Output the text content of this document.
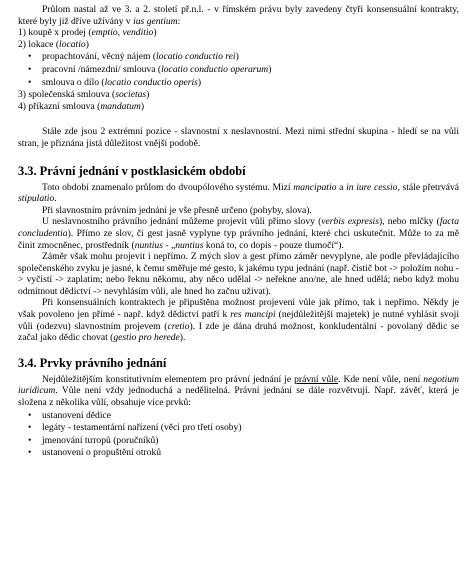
Průlom nastal až ve 3. a 2. století př.n.l. - v římském právu byly zavedeny čtyři konsensuální kontrakty, které byly již dříve užívány v ius gentium:

1) koupě x prodej (emptio, venditio)
2) lokace (locatio)
• propachtování, věcný nájem (locatio conductio rei)
• pracovní /námezdní/ smlouva (locatio conductio operarum)
• smlouva o dílo (locatio conductio operis)
3) společenská smlouva (societas)
4) příkazní smlouva (mandatum)

Stále zde jsou 2 extrémní pozice - slavnostní x neslavnostní. Mezi nimi střední skupina - hledí se na vůli stran, je přiznána jistá důležitost vnější podobě.

3.3. Právní jednání v postklasickém období

Toto období znamenalo průlom do dvoupólového systému. Mizí mancipatio a in iure cessio, stále přetrvává stipulatio.

Při slavnostním právním jednání je vše přesně určeno (pohyby, slova).

U neslavnostního právního jednání můžeme projevit vůli přímo slovy (verbis expresis), nebo mlčky (facta concludentia). Přímo ze slov, či gest jasně vyplyne typ právního jednání, které chci uskutečnit. Může to za mě činit zmocněnec, prostředník (nuntius - „nuntius koná to, co dopis - pouze tlumočí“).

Záměr však mohu projevit i nepřímo. Z mých slov a gest přímo záměr nevyplyne, ale podle převládajícího společenského zvyku je jasné, k čemu směřuje mé gesto, k jakému typu jednání (např. čistič bot -> položím nohu -> vyčistí -> zaplatím; nebo řeknu někomu, aby něco udělal -> neřekne ano/ne, ale hned udělá; nebo když mohu odmítnout dědictví -> nevyhlásím vůli, ale hned ho začnu užívat).

Při konsensuálních kontraktech je připuštěna možnost projevení vůle jak přímo, tak i nepřímo. Někdy je však povoleno jen přímé - např. když dědictví patří k res mancipi (nejdůležitější majetek) je nutné vyhlásit svoji vůli (odezvu) slavnostním projevem (cretio). I zde je dána druhá možnost, konkludentální - povolaný dědic se začal jako dědic chovat (gestio pro herede).

3.4. Prvky právního jednání

Nejdůležitějším konstitutivním elementem pro právní jednání je právní vůle. Kde není vůle, není negotium iuridicum. Vůle není vždy jednoduchá a nedělitelná. Právní jednání se dále rozvětvují. Např. závěť, která je složena z několika vůlí, obsahuje více prvků:

• ustanovení dědice
• legáty - testamentární nařízení (věci pro třetí osoby)
• jmenování tuторů (poručníků)
• ustanovení o propuštění otroků
